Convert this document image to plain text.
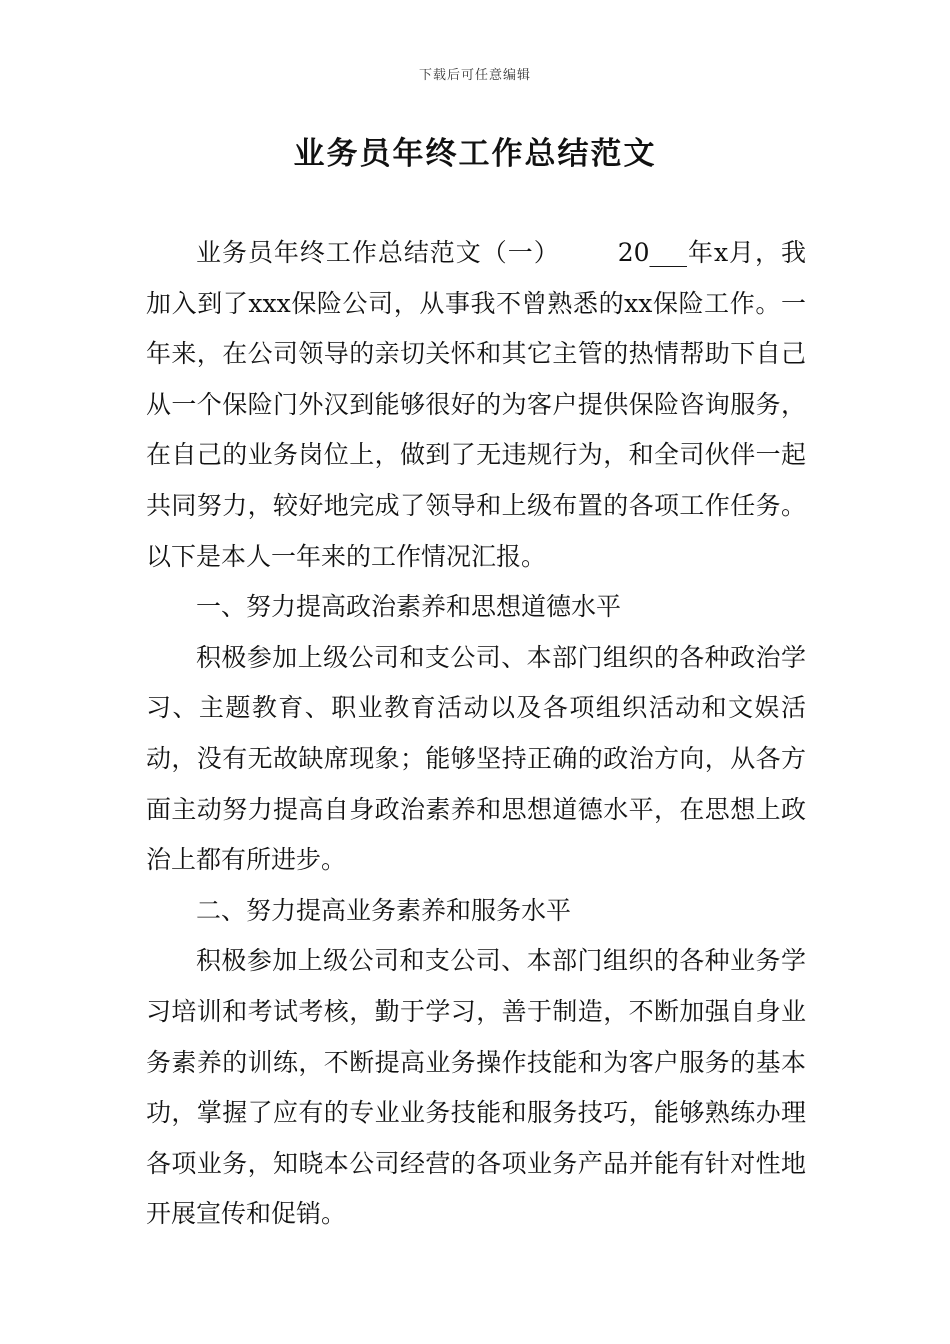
下载后可任意编辑
业务员年终工作总结范文

业务员年终工作总结范文（一） 20___年x月，我加入到了xxx保险公司，从事我不曾熟悉的xx保险工作。一年来，在公司领导的亲切关怀和其它主管的热情帮助下自己从一个保险门外汉到能够很好的为客户提供保险咨询服务，在自己的业务岗位上，做到了无违规行为，和全司伙伴一起共同努力，较好地完成了领导和上级布置的各项工作任务。以下是本人一年来的工作情况汇报。

一、努力提高政治素养和思想道德水平

积极参加上级公司和支公司、本部门组织的各种政治学习、主题教育、职业教育活动以及各项组织活动和文娱活动，没有无故缺席现象；能够坚持正确的政治方向，从各方面主动努力提高自身政治素养和思想道德水平，在思想上政治上都有所进步。

二、努力提高业务素养和服务水平

积极参加上级公司和支公司、本部门组织的各种业务学习培训和考试考核，勤于学习，善于制造，不断加强自身业务素养的训练，不断提高业务操作技能和为客户服务的基本功，掌握了应有的专业业务技能和服务技巧，能够熟练办理各项业务，知晓本公司经营的各项业务产品并能有针对性地开展宣传和促销。
